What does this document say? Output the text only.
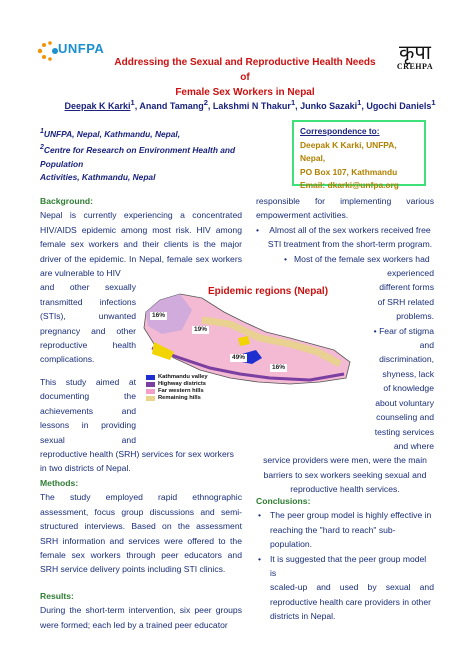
UNFPA	कृपा
CREHPA
Addressing the Sexual and Reproductive Health Needs of
Female Sex Workers in Nepal
Deepak K Karki$^1$, Anand Tamang$^2$, Lakshmi N Thakur$^1$, Junko Sazaki$^1$, Ugochi Daniels$^1$
$^1$UNFPA, Nepal, Kathmandu, Nepal,
$^2$Centre for Research on Environment Health and Population
Activities, Kathmandu, Nepal
Correspondence to:
Deepak K Karki, UNFPA, Nepal,
PO Box 107, Kathmandu
Email: dkarki@unfpa.org
Background:
Nepal is currently experiencing a concentrated
HIV/AIDS epidemic among most risk. HIV among
female sex workers and their clients is the major
driver of the epidemic. In Nepal, female sex workers
are vulnerable to HIV
and other sexually
transmitted infections
(STIs), unwanted
pregnancy and other
reproductive health
complications.
This study aimed at
documenting the
achievements and
lessons in providing
sexual and
reproductive health (SRH) services for sex workers
in two districts of Nepal.
Methods:
The study employed rapid ethnographic
assessment, focus group discussions and semi-
structured interviews. Based on the assessment
SRH information and services were offered to the
female sex workers through peer educators and
SRH service delivery points including STI clinics.
Results:
During the short-term intervention, six peer groups
were formed; each led by a trained peer educator
responsible for implementing various
empowerment activities.
•	Almost all of the sex workers received free
STI treatment from the short-term program.
• Most of the female sex workers had
experienced
different forms
of SRH related
problems.
• Fear of stigma
and
discrimination,
shyness, lack
of knowledge
about voluntary
counseling and
testing services
and where
service providers were men, were the main
barriers to sex workers seeking sexual and
reproductive health services.
Epidemic regions (Nepal)
16%
19%
49%
16%
Kathmandu valley
Highway districts
Far western hills
Remaining hills
Conclusions:
• The peer group model is highly effective in
reaching the "hard to reach" sub-population.
• It is suggested that the peer group model is
scaled-up and used by sexual and
reproductive health care providers in other
districts in Nepal.
